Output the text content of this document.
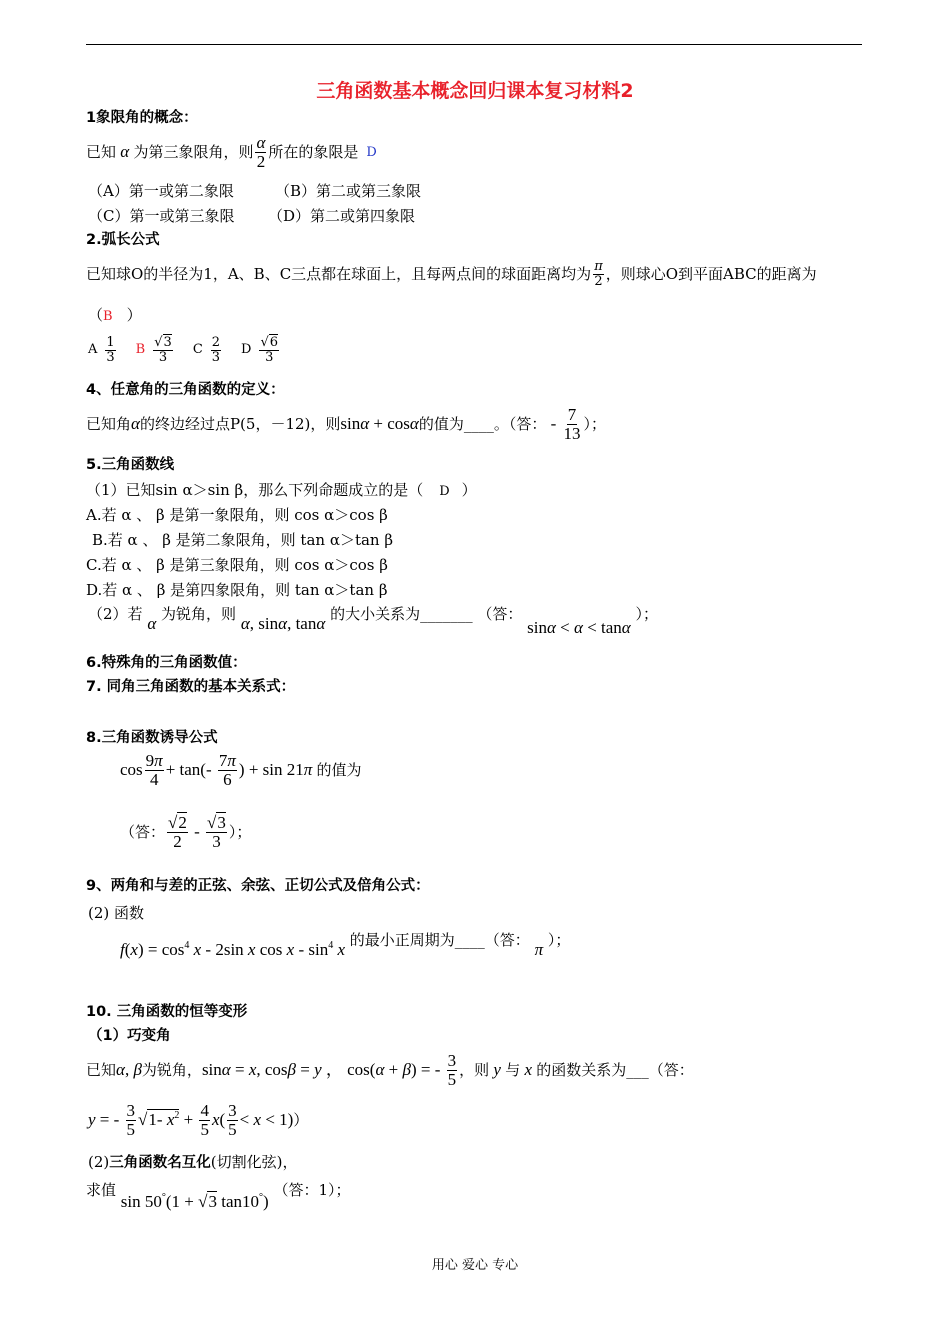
三角函数基本概念回归课本复习材料2
1象限角的概念：
已知 α 为第三象限角，则 $\frac{\alpha}{2}$ 所在的象限是 D
（A）第一或第二象限	（B）第二或第三象限
（C）第一或第三象限 （D）第二或第四象限
2.弧长公式
已知球O的半径为1，A、B、C三点都在球面上，且每两点间的球面距离均为 $\frac{\pi}{2}$ ，则球心O到平面ABC的距离为
（B ）
A $\frac{1}{3}$ B $\frac{√3}{3}$ C $\frac{2}{3}$ D $\frac{√6}{3}$
4、任意角的三角函数的定义：
已知角 α 的终边经过点P(5，－12)，则 sinα + cosα 的值为____。（答： - $\frac{7}{13}$ ）；
5.三角函数线
（1）已知sin α＞sin β，那么下列命题成立的是（ D ）
A.若 α 、 β 是第一象限角，则 cos α＞cos β
B.若 α 、 β 是第二象限角，则 tan α＞tan β
C.若 α 、 β 是第三象限角，则 cos α＞cos β
D.若 α 、 β 是第四象限角，则 tan α＞tan β
（2）若 α 为锐角，则 α, sinα, tanα 的大小关系为_______ （答： sinα < α < tanα ）；
6.特殊角的三角函数值：
7. 同角三角函数的基本关系式：
8.三角函数诱导公式
$\cos \frac{9\pi}{4} + \tan(- \frac{7\pi}{6}$ ) + sin 21π 的值为
（答： $\frac{√2}{2} - \frac{√3}{3}$ ）；
9、两角和与差的正弦、余弦、正切公式及倍角公式：
(2) 函数
$f(x) = \cos^4 x - 2\sin$ x cos x - $\sin^4 x$ 的最小正周期为____（答： π ）；
10. 三角函数的恒等变形
（1）巧变角
已知 α, β 为锐角， sinα = x, cosβ = y ， cos(α + β) = - $\frac{3}{5}$ ，则 y 与 x 的函数关系为___（答：
y = - $\frac{3}{5} √1-$ $x^2 + \frac{4}{5} x( \frac{3}{5} < x < 1)$ ）
(2)三角函数名互化(切割化弦)，
求值 sin 50°(1 + √3 tan10°) （答：1）；
用心 爱心 专心
